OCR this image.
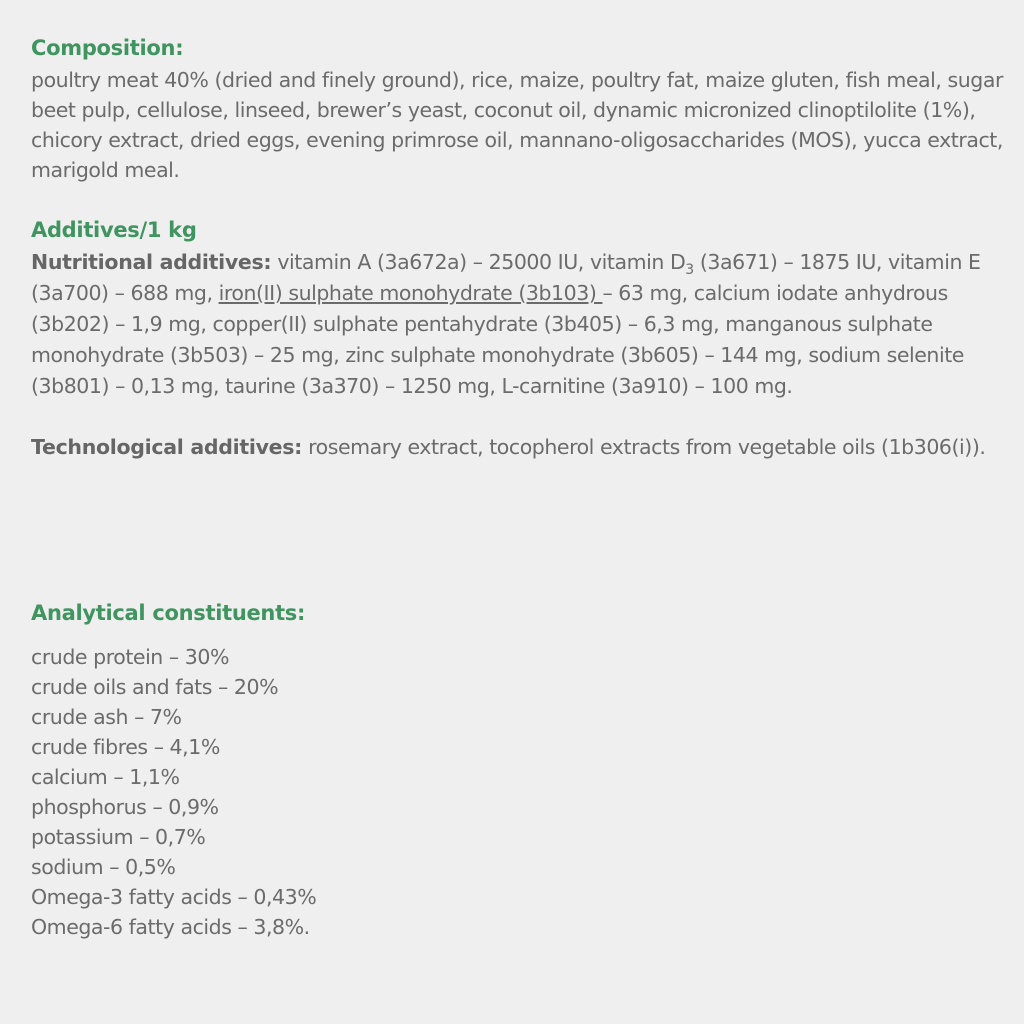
Composition:

poultry meat 40% (dried and finely ground), rice, maize, poultry fat, maize gluten, fish meal, sugar beet pulp, cellulose, linseed, brewer’s yeast, coconut oil, dynamic micronized clinoptilolite (1%), chicory extract, dried eggs, evening primrose oil, mannano-oligosaccharides (MOS), yucca extract, marigold meal.

Additives/1 kg

Nutritional additives: vitamin A (3a672a) – 25000 IU, vitamin $D_3$ (3a671) – 1875 IU, vitamin E (3a700) – 688 mg, iron(II) sulphate monohydrate (3b103) – 63 mg, calcium iodate anhydrous (3b202) – 1,9 mg, copper(II) sulphate pentahydrate (3b405) – 6,3 mg, manganous sulphate monohydrate (3b503) – 25 mg, zinc sulphate monohydrate (3b605) – 144 mg, sodium selenite (3b801) – 0,13 mg, taurine (3a370) – 1250 mg, L-carnitine (3a910) – 100 mg.

Technological additives: rosemary extract, tocopherol extracts from vegetable oils (1b306(i)).

Analytical constituents:
crude protein – 30%
crude oils and fats – 20%
crude ash – 7%
crude fibres – 4,1%
calcium – 1,1%
phosphorus – 0,9%
potassium – 0,7%
sodium – 0,5%
Omega-3 fatty acids – 0,43%
Omega-6 fatty acids – 3,8%.
